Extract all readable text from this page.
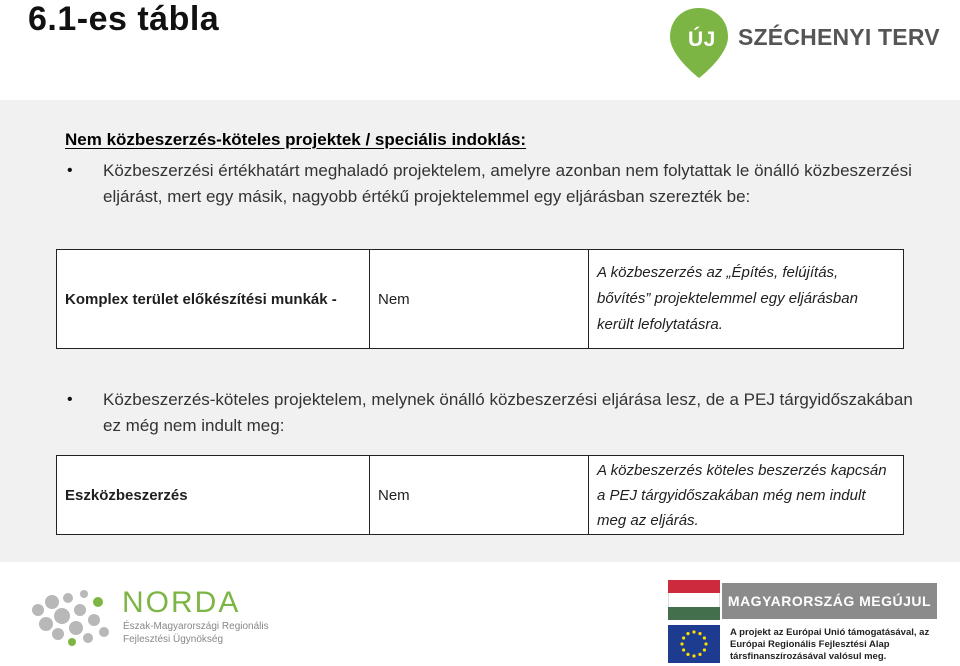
6.1-es tábla
ÚJ SZÉCHENYI TERV
Nem közbeszerzés-köteles projektek / speciális indoklás:
• Közbeszerzési értékhatárt meghaladó projektelem, amelyre azonban nem folytattak le önálló közbeszerzési eljárást, mert egy másik, nagyobb értékű projektelemmel egy eljárásban szerezték be:
Komplex terület előkészítési munkák -	Nem	A közbeszerzés az „Építés, felújítás, bővítés” projektelemmel egy eljárásban került lefolytatásra.
• Közbeszerzés-köteles projektelem, melynek önálló közbeszerzési eljárása lesz, de a PEJ tárgyidőszakában ez még nem indult meg:
Eszközbeszerzés	Nem	A közbeszerzés köteles beszerzés kapcsán a PEJ tárgyidőszakában még nem indult meg az eljárás.
NORDA
Észak-Magyarországi Regionális
Fejlesztési Ügynökség
MAGYARORSZÁG MEGÚJUL
A projekt az Európai Unió támogatásával, az Európai Regionális Fejlesztési Alap társfinanszírozásával valósul meg.
